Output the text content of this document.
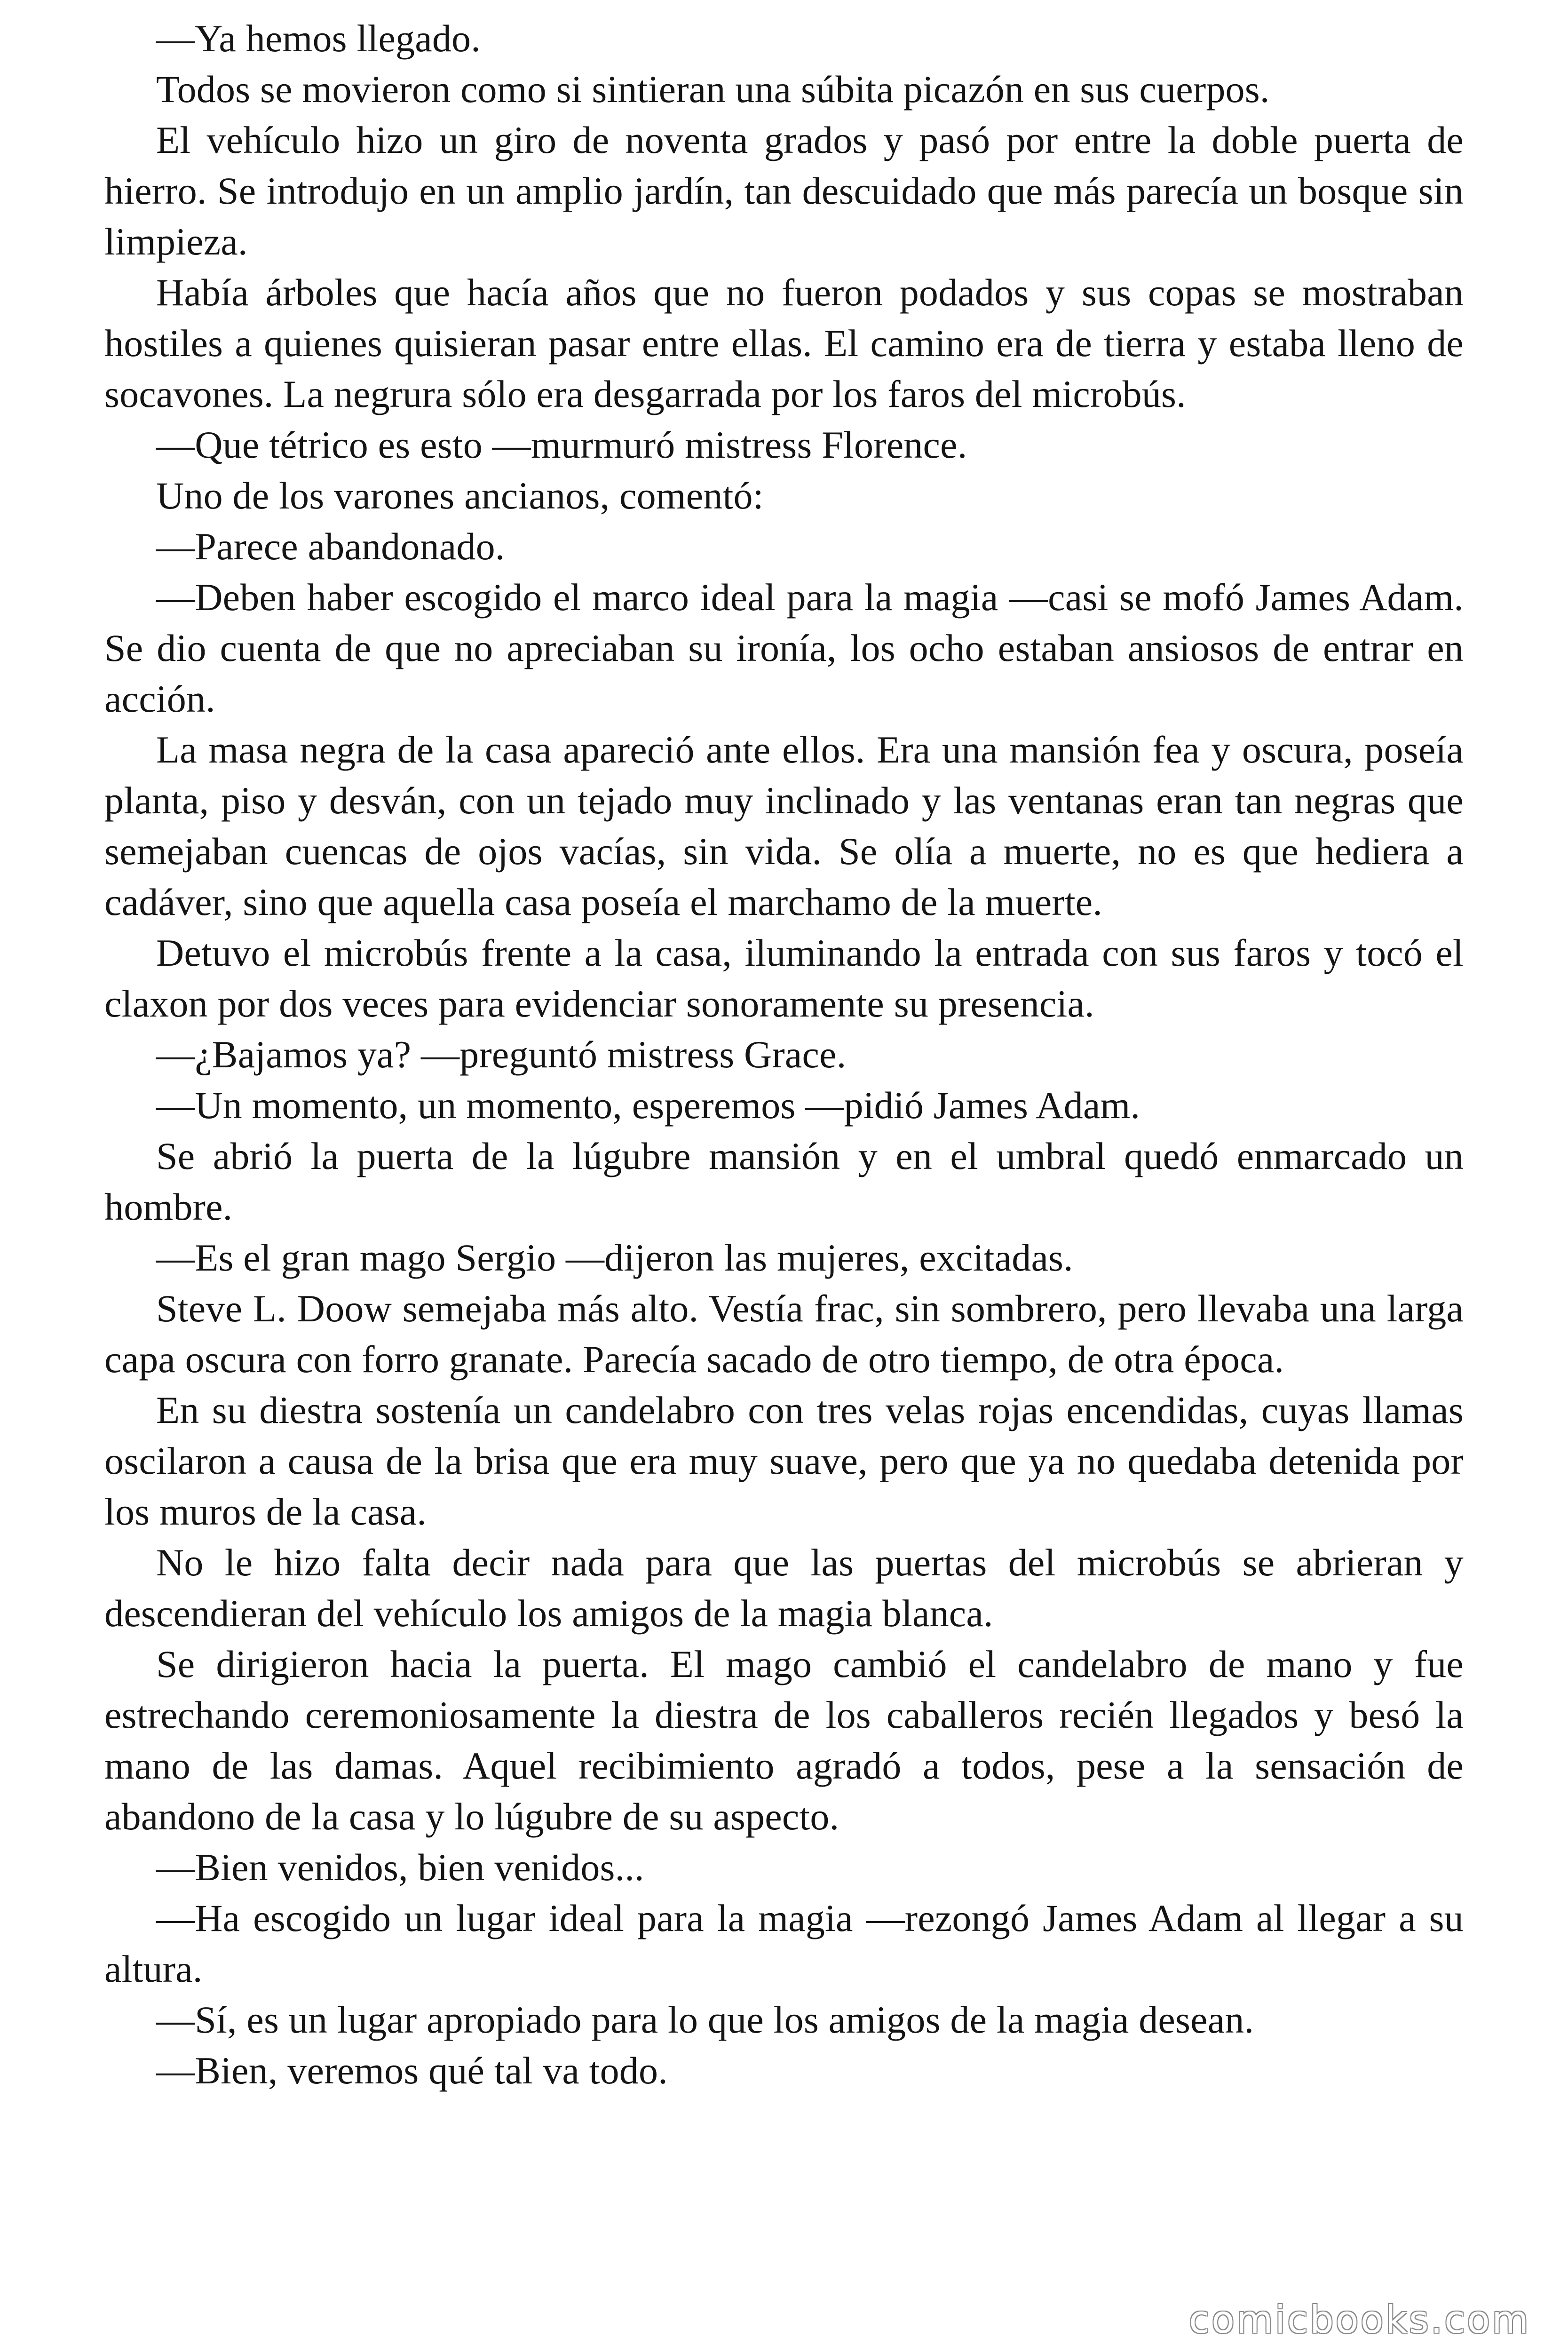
—Ya hemos llegado.

Todos se movieron como si sintieran una súbita picazón en sus cuerpos.

El vehículo hizo un giro de noventa grados y pasó por entre la doble puerta de hierro. Se introdujo en un amplio jardín, tan descuidado que más parecía un bosque sin limpieza.

Había árboles que hacía años que no fueron podados y sus copas se mostraban hostiles a quienes quisieran pasar entre ellas. El camino era de tierra y estaba lleno de socavones. La negrura sólo era desgarrada por los faros del microbús.

—Que tétrico es esto —murmuró mistress Florence.

Uno de los varones ancianos, comentó:

—Parece abandonado.

—Deben haber escogido el marco ideal para la magia —casi se mofó James Adam. Se dio cuenta de que no apreciaban su ironía, los ocho estaban ansiosos de entrar en acción.

La masa negra de la casa apareció ante ellos. Era una mansión fea y oscura, poseía planta, piso y desván, con un tejado muy inclinado y las ventanas eran tan negras que semejaban cuencas de ojos vacías, sin vida. Se olía a muerte, no es que hediera a cadáver, sino que aquella casa poseía el marchamo de la muerte.

Detuvo el microbús frente a la casa, iluminando la entrada con sus faros y tocó el claxon por dos veces para evidenciar sonoramente su presencia.

—¿Bajamos ya? —preguntó mistress Grace.

—Un momento, un momento, esperemos —pidió James Adam.

Se abrió la puerta de la lúgubre mansión y en el umbral quedó enmarcado un hombre.

—Es el gran mago Sergio —dijeron las mujeres, excitadas.

Steve L. Doow semejaba más alto. Vestía frac, sin sombrero, pero llevaba una larga capa oscura con forro granate. Parecía sacado de otro tiempo, de otra época.

En su diestra sostenía un candelabro con tres velas rojas encendidas, cuyas llamas oscilaron a causa de la brisa que era muy suave, pero que ya no quedaba detenida por los muros de la casa.

No le hizo falta decir nada para que las puertas del microbús se abrieran y descendieran del vehículo los amigos de la magia blanca.

Se dirigieron hacia la puerta. El mago cambió el candelabro de mano y fue estrechando ceremoniosamente la diestra de los caballeros recién llegados y besó la mano de las damas. Aquel recibimiento agradó a todos, pese a la sensación de abandono de la casa y lo lúgubre de su aspecto.

—Bien venidos, bien venidos...

—Ha escogido un lugar ideal para la magia —rezongó James Adam al llegar a su altura.

—Sí, es un lugar apropiado para lo que los amigos de la magia desean.

—Bien, veremos qué tal va todo.

comicbooks.com
